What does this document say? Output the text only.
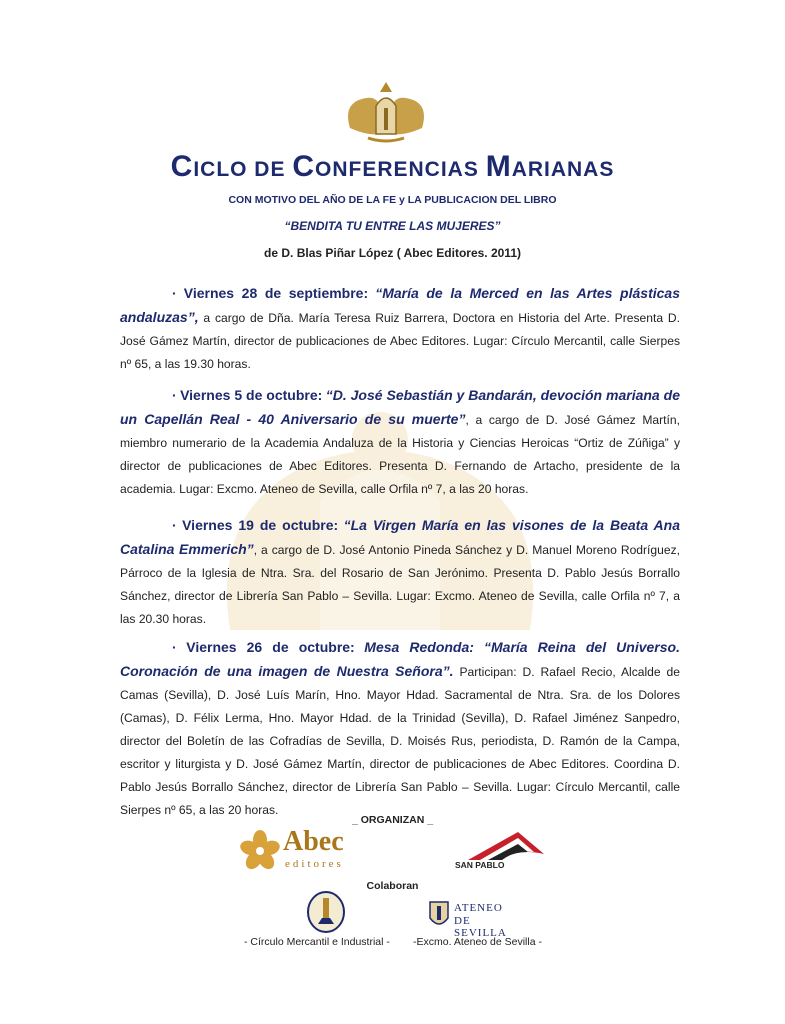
CICLO DE CONFERENCIAS MARIANAS
CON MOTIVO DEL AÑO DE LA FE y LA PUBLICACION DEL LIBRO
“BENDITA TU ENTRE LAS MUJERES”
de D. Blas Piñar López ( Abec Editores. 2011)
· Viernes 28 de septiembre: “María de la Merced en las Artes plásticas andaluzas”, a cargo de Dña. María Teresa Ruiz Barrera, Doctora en Historia del Arte. Presenta D. José Gámez Martín, director de publicaciones de Abec Editores. Lugar: Círculo Mercantil, calle Sierpes nº 65, a las 19.30 horas.
· Viernes 5 de octubre: “D. José Sebastián y Bandarán, devoción mariana de un Capellán Real - 40 Aniversario de su muerte”, a cargo de D. José Gámez Martín, miembro numerario de la Academia Andaluza de la Historia y Ciencias Heroicas “Ortiz de Zúñiga” y director de publicaciones de Abec Editores. Presenta D. Fernando de Artacho, presidente de la academia. Lugar: Excmo. Ateneo de Sevilla, calle Orfila nº 7, a las 20 horas.
· Viernes 19 de octubre: “La Virgen María en las visones de la Beata Ana Catalina Emmerich”, a cargo de D. José Antonio Pineda Sánchez y D. Manuel Moreno Rodríguez, Párroco de la Iglesia de Ntra. Sra. del Rosario de San Jerónimo. Presenta D. Pablo Jesús Borrallo Sánchez, director de Librería San Pablo – Sevilla. Lugar: Excmo. Ateneo de Sevilla, calle Orfila nº 7, a las 20.30 horas.
· Viernes 26 de octubre: Mesa Redonda: “María Reina del Universo. Coronación de una imagen de Nuestra Señora”. Participan: D. Rafael Recio, Alcalde de Camas (Sevilla), D. José Luís Marín, Hno. Mayor Hdad. Sacramental de Ntra. Sra. de los Dolores (Camas), D. Félix Lerma, Hno. Mayor Hdad. de la Trinidad (Sevilla), D. Rafael Jiménez Sanpedro, director del Boletín de las Cofradías de Sevilla, D. Moisés Rus, periodista, D. Ramón de la Campa, escritor y liturgista y D. José Gámez Martín, director de publicaciones de Abec Editores. Coordina D. Pablo Jesús Borrallo Sánchez, director de Librería San Pablo – Sevilla. Lugar: Círculo Mercantil, calle Sierpes nº 65, a las 20 horas.
_ ORGANIZAN _
Abec
editores	SAN PABLO
Colaboran
ATENEO
DE SEVILLA
- Círculo Mercantil e Industrial - -Excmo. Ateneo de Sevilla -
